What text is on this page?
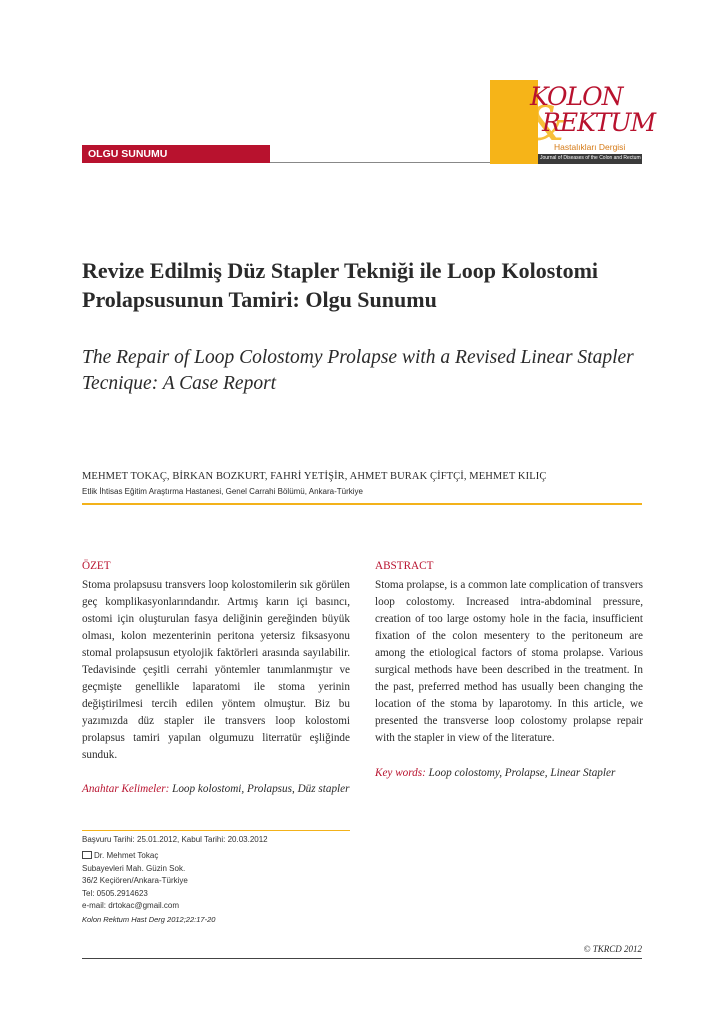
OLGU SUNUMU
&
KOLON
REKTUM
Hastalıkları Dergisi
Journal of Diseases of the Colon and Rectum
Revize Edilmiş Düz Stapler Tekniği ile Loop Kolostomi Prolapsusunun Tamiri: Olgu Sunumu
The Repair of Loop Colostomy Prolapse with a Revised Linear Stapler Tecnique: A Case Report
MEHMET TOKAÇ, BİRKAN BOZKURT, FAHRİ YETİŞİR, AHMET BURAK ÇİFTÇİ, MEHMET KILIÇ
Etlik İhtisas Eğitim Araştırma Hastanesi, Genel Carrahi Bölümü, Ankara-Türkiye
ÖZET
Stoma prolapsusu transvers loop kolostomilerin sık görülen geç komplikasyonlarındandır. Artmış karın içi basıncı, ostomi için oluşturulan fasya deliğinin gereğinden büyük olması, kolon mezenterinin peritona yetersiz fiksasyonu stomal prolapsusun etyolojik faktörleri arasında sayılabilir. Tedavisinde çeşitli cerrahi yöntemler tanımlanmıştır ve geçmişte genellikle laparatomi ile stoma yerinin değiştirilmesi tercih edilen yöntem olmuştur. Biz bu yazımızda düz stapler ile transvers loop kolostomi prolapsus tamiri yapılan olgumuzu literratür eşliğinde sunduk.
Anahtar Kelimeler: Loop kolostomi, Prolapsus, Düz stapler
ABSTRACT
Stoma prolapse, is a common late complication of transvers loop colostomy. Increased intra-abdominal pressure, creation of too large ostomy hole in the facia, insufficient fixation of the colon mesentery to the peritoneum are among the etiological factors of stoma prolapse. Various surgical methods have been described in the treatment. In the past, preferred method has usually been changing the location of the stoma by laparotomy. In this article, we presented the transverse loop colostomy prolapse repair with the stapler in view of the literature.
Key words: Loop colostomy, Prolapse, Linear Stapler
Başvuru Tarihi: 25.01.2012, Kabul Tarihi: 20.03.2012
Dr. Mehmet Tokaç
Subayevleri Mah. Güzin Sok.
36/2 Keçiören/Ankara-Türkiye
Tel: 0505.2914623
e-mail: drtokac@gmail.com
Kolon Rektum Hast Derg 2012;22:17-20
© TKRCD 2012
